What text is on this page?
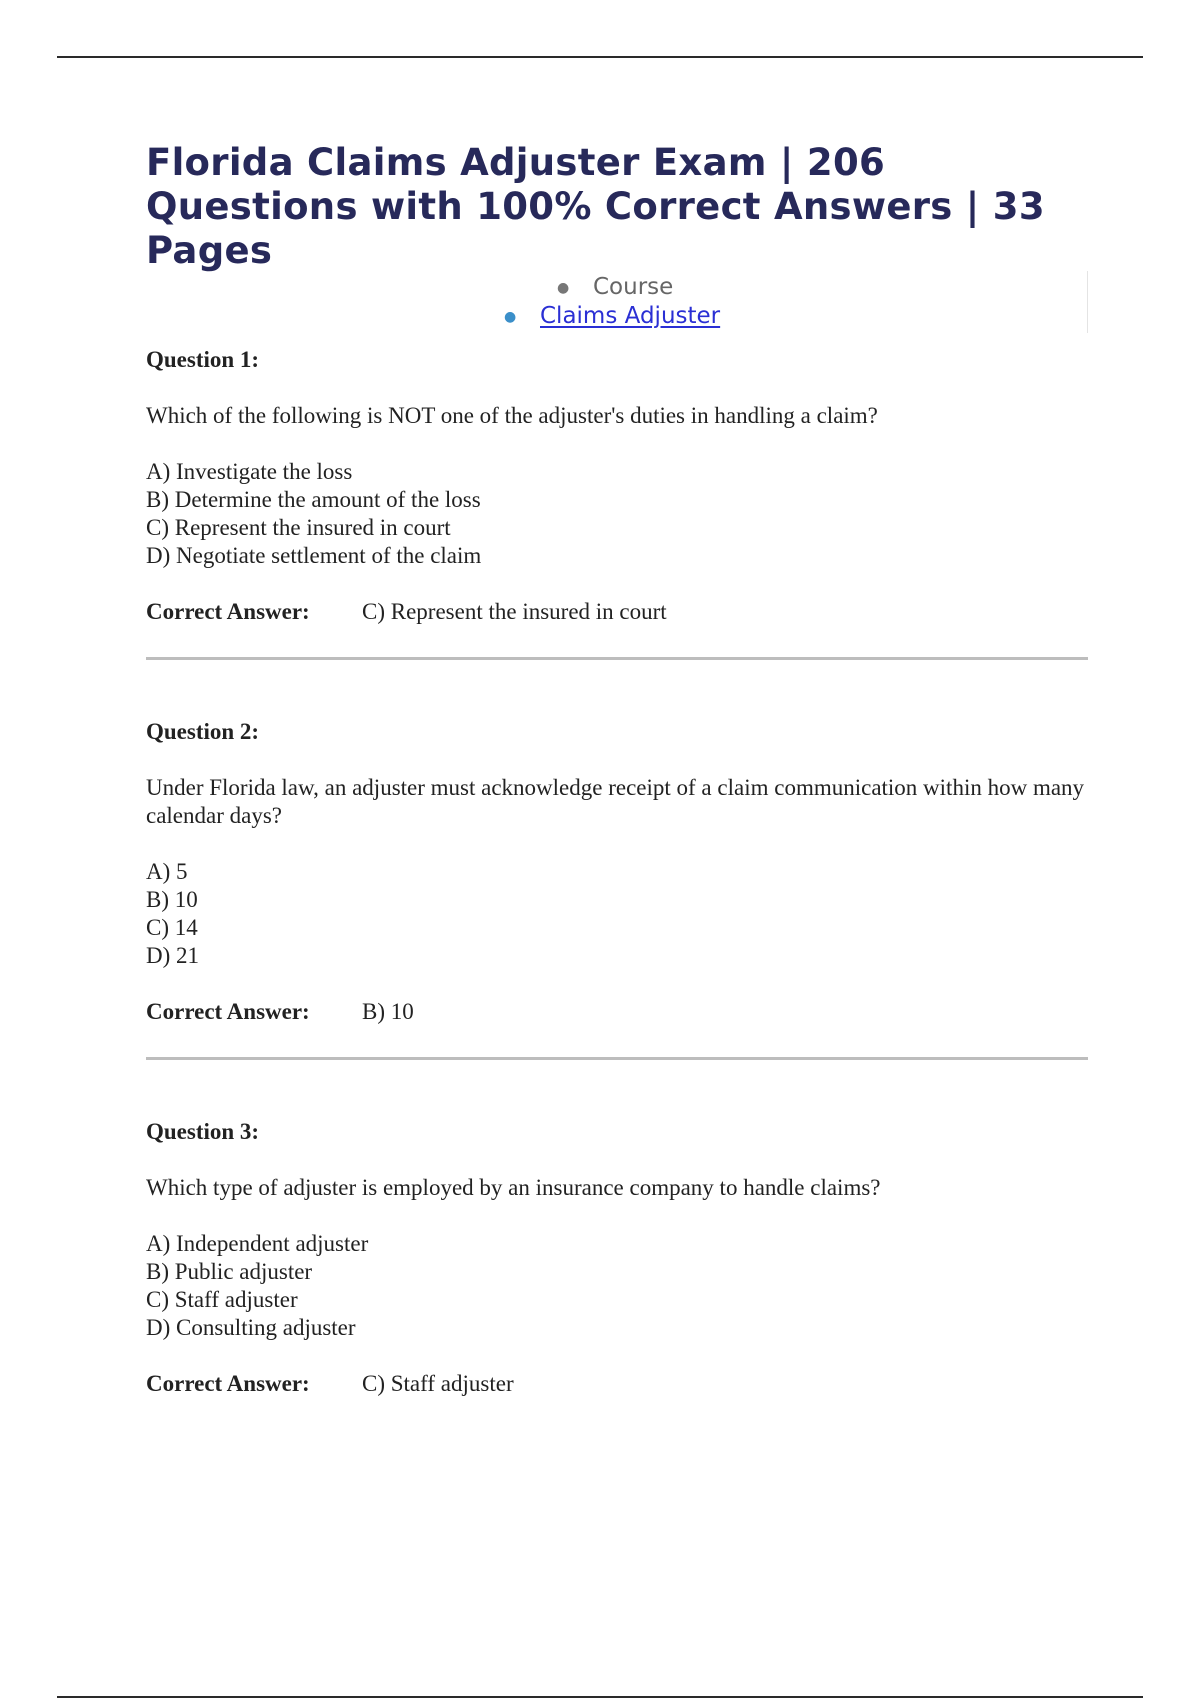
Florida Claims Adjuster Exam | 206 Questions with 100% Correct Answers | 33 Pages
● Course
● Claims Adjuster

Question 1:

Which of the following is NOT one of the adjuster's duties in handling a claim?

A) Investigate the loss
B) Determine the amount of the loss
C) Represent the insured in court
D) Negotiate settlement of the claim

Correct Answer: C) Represent the insured in court

Question 2:

Under Florida law, an adjuster must acknowledge receipt of a claim communication within how many calendar days?

A) 5
B) 10
C) 14
D) 21

Correct Answer: B) 10

Question 3:

Which type of adjuster is employed by an insurance company to handle claims?

A) Independent adjuster
B) Public adjuster
C) Staff adjuster
D) Consulting adjuster

Correct Answer: C) Staff adjuster
